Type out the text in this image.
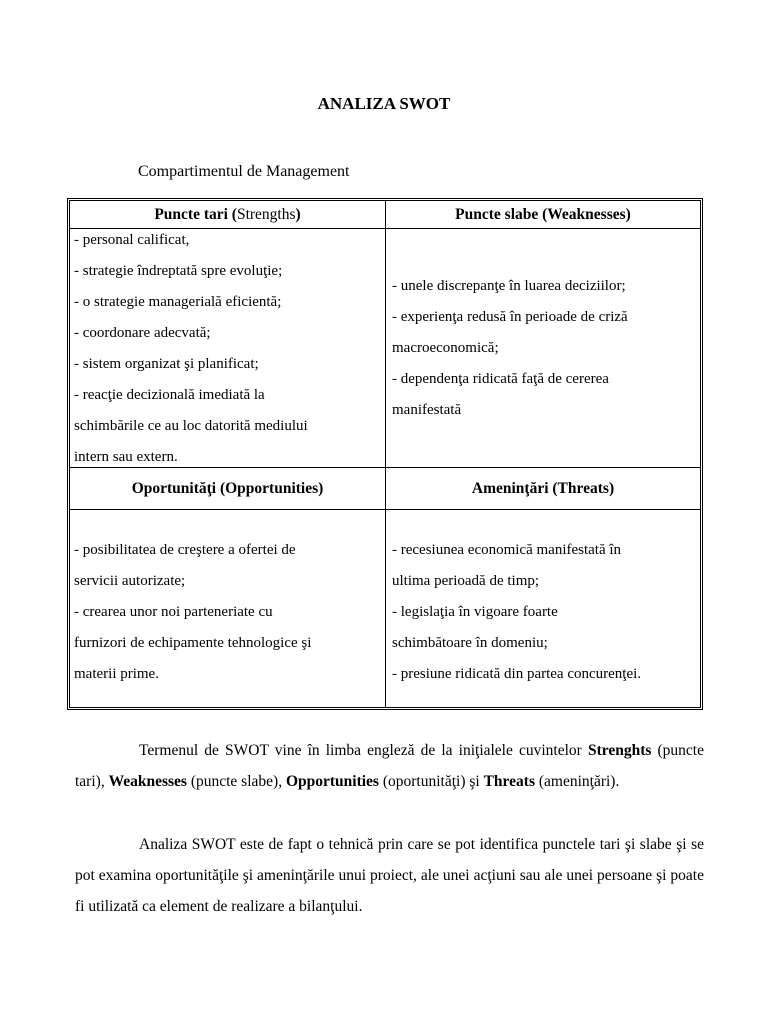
ANALIZA SWOT
Compartimentul de Management
Puncte tari (Strengths)	Puncte slabe (Weaknesses)
- personal calificat,
- strategie îndreptată spre evoluţie;
- o strategie managerială eficientă;
- coordonare adecvată;
- sistem organizat şi planificat;
- reacţie decizională imediată la
schimbările ce au loc datorită mediului
intern sau extern.
- unele discrepanţe în luarea deciziilor;
- experienţa redusă în perioade de criză
macroeconomică;
- dependenţa ridicată faţă de cererea
manifestată
Oportunităţi (Opportunities)	Ameninţări (Threats)
- posibilitatea de creştere a ofertei de
servicii autorizate;
- crearea unor noi parteneriate cu
furnizori de echipamente tehnologice şi
materii prime.
- recesiunea economică manifestată în
ultima perioadă de timp;
- legislaţia în vigoare foarte
schimbătoare în domeniu;
- presiune ridicată din partea concurenţei.

Termenul de SWOT vine în limba engleză de la iniţialele cuvintelor Strenghts (puncte tari), Weaknesses (puncte slabe), Opportunities (oportunităţi) şi Threats (ameninţări).

Analiza SWOT este de fapt o tehnică prin care se pot identifica punctele tari şi slabe şi se pot examina oportunităţile şi ameninţările unui proiect, ale unei acţiuni sau ale unei persoane şi poate fi utilizată ca element de realizare a bilanţului.
